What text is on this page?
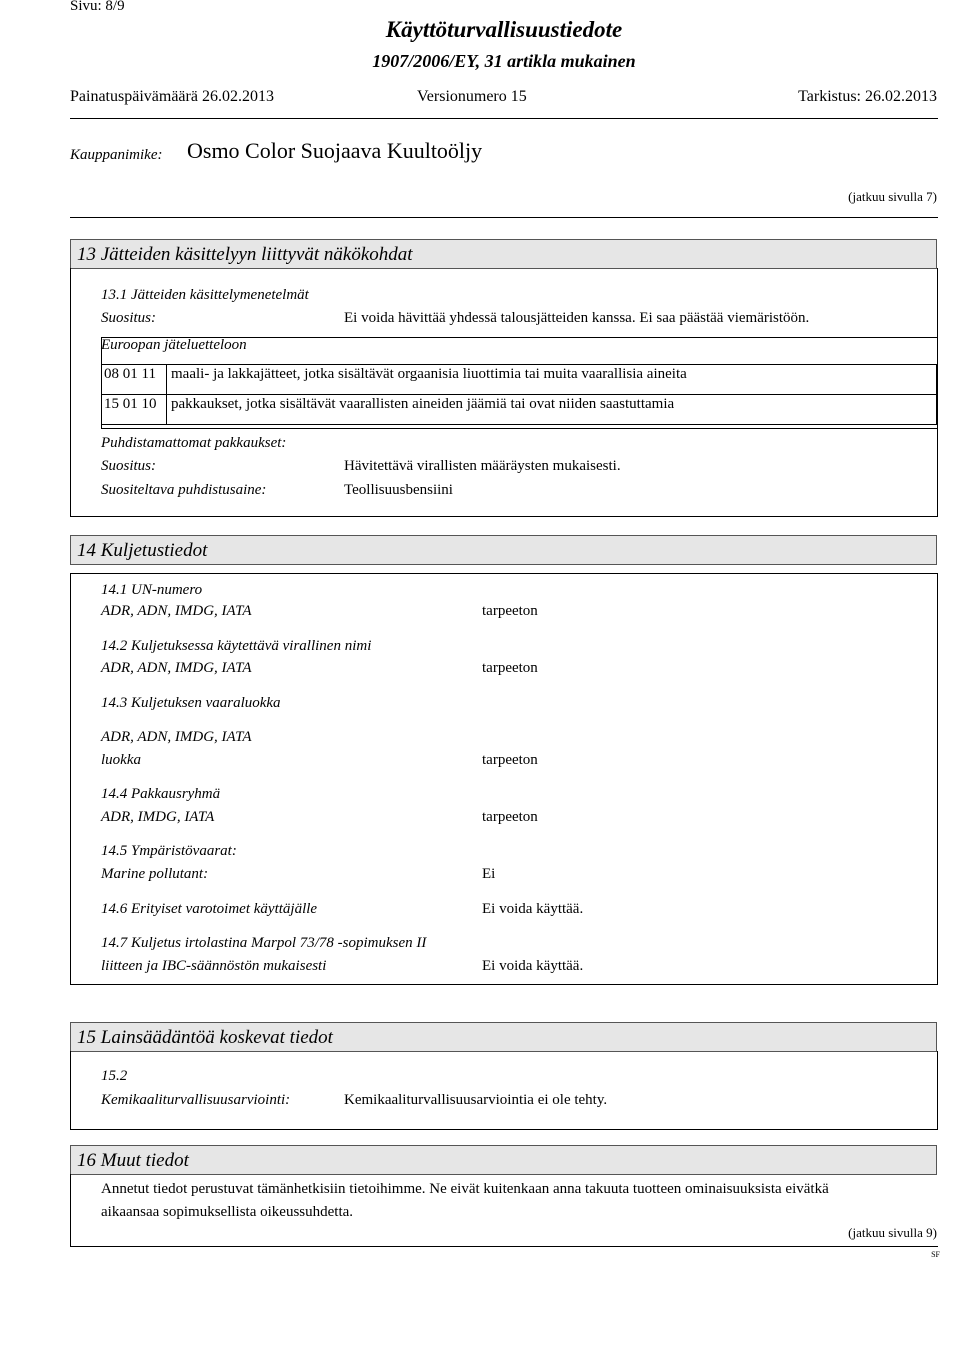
Sivu: 8/9
Käyttöturvallisuustiedote
1907/2006/EY, 31 artikla mukainen
Painatuspäivämäärä 26.02.2013	Versionumero 15	Tarkistus: 26.02.2013
Kauppanimike: Osmo Color Suojaava Kuultoöljy
(jatkuu sivulla 7)
13 Jätteiden käsittelyyn liittyvät näkökohdat
13.1 Jätteiden käsittelymenetelmät
Suositus:	Ei voida hävittää yhdessä talousjätteiden kanssa. Ei saa päästää viemäristöön.
Euroopan jäteluetteloon
08 01 11 maali- ja lakkajätteet, jotka sisältävät orgaanisia liuottimia tai muita vaarallisia aineita
15 01 10 pakkaukset, jotka sisältävät vaarallisten aineiden jäämiä tai ovat niiden saastuttamia
Puhdistamattomat pakkaukset:
Suositus:	Hävitettävä virallisten määräysten mukaisesti.
Suositeltava puhdistusaine:	Teollisuusbensiini
14 Kuljetustiedot
14.1 UN-numero
ADR, ADN, IMDG, IATA	tarpeeton
14.2 Kuljetuksessa käytettävä virallinen nimi
ADR, ADN, IMDG, IATA	tarpeeton
14.3 Kuljetuksen vaaraluokka
ADR, ADN, IMDG, IATA
luokka	tarpeeton
14.4 Pakkausryhmä
ADR, IMDG, IATA	tarpeeton
14.5 Ympäristövaarat:
Marine pollutant:	Ei
14.6 Erityiset varotoimet käyttäjälle	Ei voida käyttää.
14.7 Kuljetus irtolastina Marpol 73/78 -sopimuksen II
liitteen ja IBC-säännöstön mukaisesti	Ei voida käyttää.
15 Lainsäädäntöä koskevat tiedot
15.2
Kemikaaliturvallisuusarviointi:	Kemikaaliturvallisuusarviointia ei ole tehty.
16 Muut tiedot
Annetut tiedot perustuvat tämänhetkisiin tietoihimme. Ne eivät kuitenkaan anna takuuta tuotteen ominaisuuksista eivätkä
aikaansaa sopimuksellista oikeussuhdetta.
(jatkuu sivulla 9)
SF
